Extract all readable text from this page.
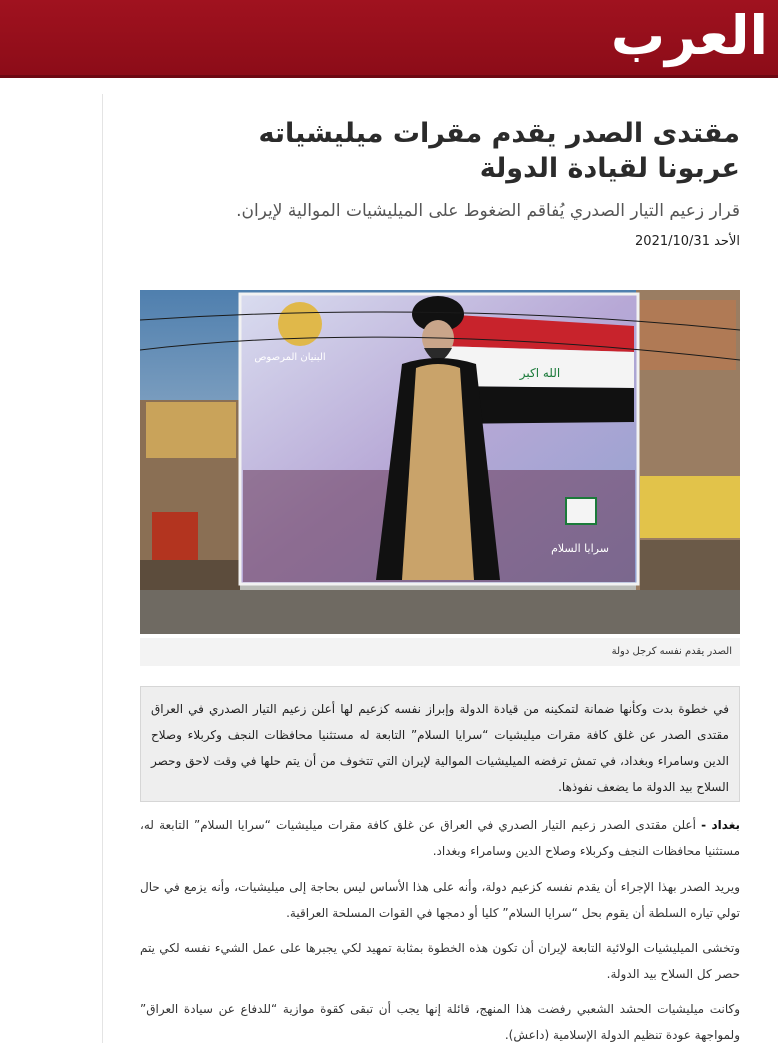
العرب
مقتدى الصدر يقدم مقرات ميليشياته عربونا لقيادة الدولة
قرار زعيم التيار الصدري يُفاقم الضغوط على الميليشيات الموالية لإيران.
الأحد 2021/10/31
الله اكبر
البنيان المرصوص
سرايا السلام
الصدر يقدم نفسه كرجل دولة

في خطوة بدت وكأنها ضمانة لتمكينه من قيادة الدولة وإبراز نفسه كزعيم لها أعلن زعيم التيار الصدري في العراق مقتدى الصدر عن غلق كافة مقرات ميليشيات “سرايا السلام” التابعة له مستثنيا محافظات النجف وكربلاء وصلاح الدين وسامراء وبغداد، في تمش ترفضه الميليشيات الموالية لإيران التي تتخوف من أن يتم حلها في وقت لاحق وحصر السلاح بيد الدولة ما يضعف نفوذها.

بغداد - أعلن مقتدى الصدر زعيم التيار الصدري في العراق عن غلق كافة مقرات ميليشيات “سرايا السلام” التابعة له، مستثنيا محافظات النجف وكربلاء وصلاح الدين وسامراء وبغداد.

ويريد الصدر بهذا الإجراء أن يقدم نفسه كزعيم دولة، وأنه على هذا الأساس ليس بحاجة إلى ميليشيات، وأنه يزمع في حال تولي تياره السلطة أن يقوم بحل “سرايا السلام” كليا أو دمجها في القوات المسلحة العراقية.

وتخشى الميليشيات الولائية التابعة لإيران أن تكون هذه الخطوة بمثابة تمهيد لكي يجبرها على عمل الشيء نفسه لكي يتم حصر كل السلاح بيد الدولة.

وكانت ميليشيات الحشد الشعبي رفضت هذا المنهج، قائلة إنها يجب أن تبقى كقوة موازية “للدفاع عن سيادة العراق” ولمواجهة عودة تنظيم الدولة الإسلامية (داعش).
